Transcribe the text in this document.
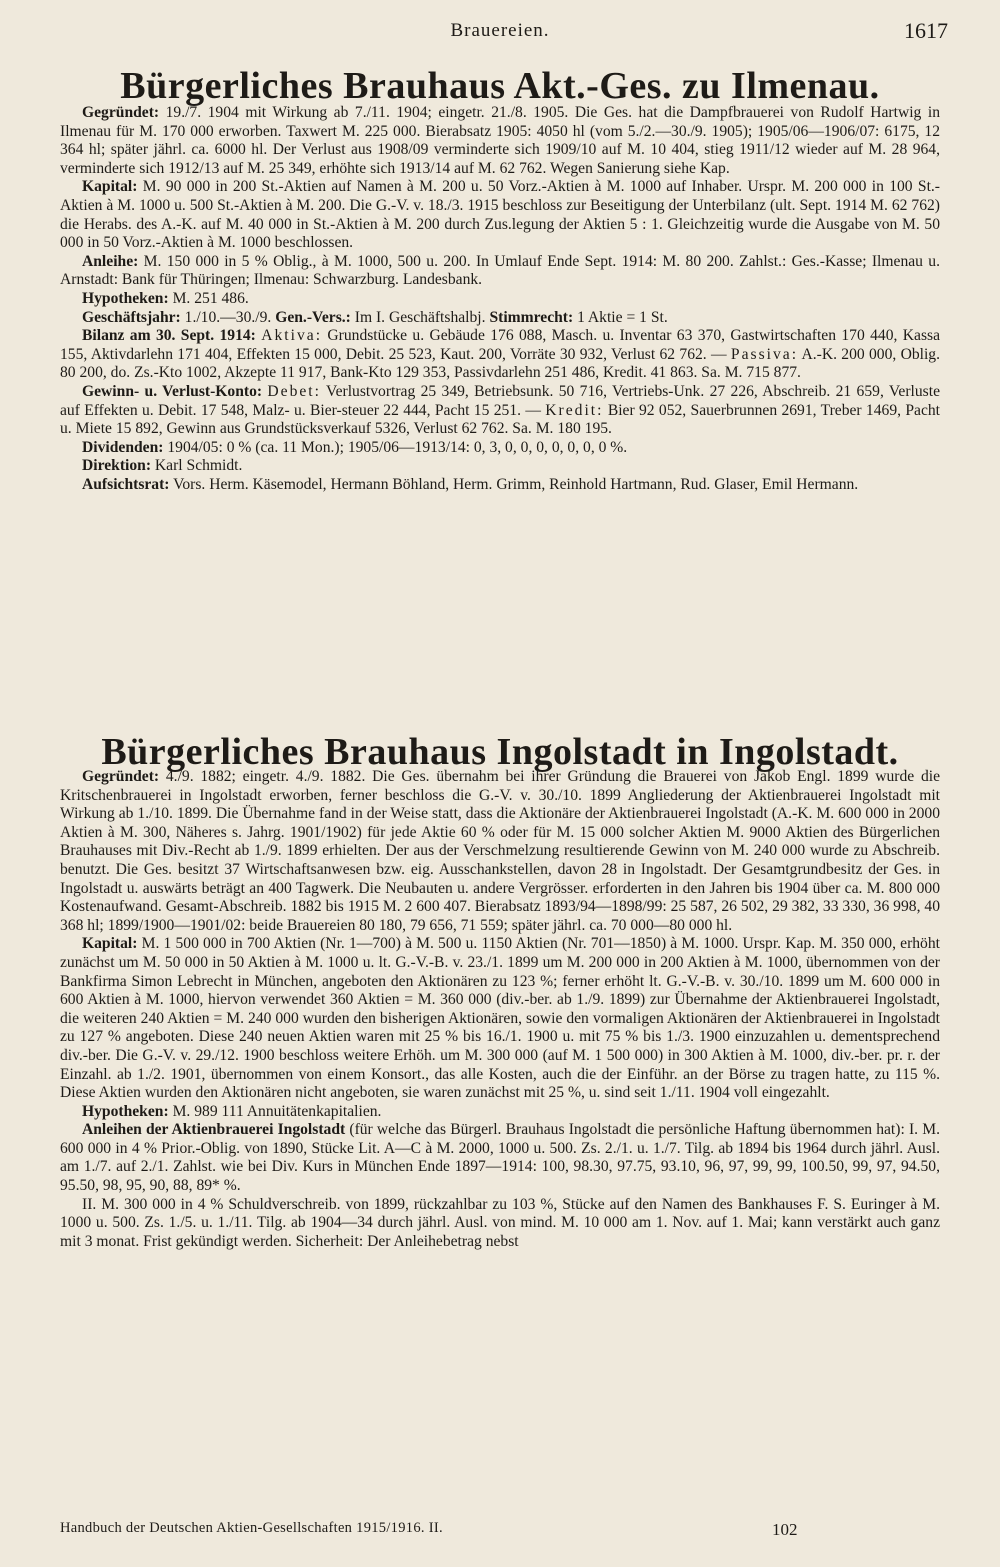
Brauereien.	1617
Bürgerliches Brauhaus Akt.-Ges. zu Ilmenau.

Gegründet: 19./7. 1904 mit Wirkung ab 7./11. 1904; eingetr. 21./8. 1905. Die Ges. hat die Dampfbrauerei von Rudolf Hartwig in Ilmenau für M. 170 000 erworben. Taxwert M. 225 000. Bierabsatz 1905: 4050 hl (vom 5./2.—30./9. 1905); 1905/06—1906/07: 6175, 12 364 hl; später jährl. ca. 6000 hl. Der Verlust aus 1908/09 verminderte sich 1909/10 auf M. 10 404, stieg 1911/12 wieder auf M. 28 964, verminderte sich 1912/13 auf M. 25 349, erhöhte sich 1913/14 auf M. 62 762. Wegen Sanierung siehe Kap.

Kapital: M. 90 000 in 200 St.-Aktien auf Namen à M. 200 u. 50 Vorz.-Aktien à M. 1000 auf Inhaber. Urspr. M. 200 000 in 100 St.-Aktien à M. 1000 u. 500 St.-Aktien à M. 200. Die G.-V. v. 18./3. 1915 beschloss zur Beseitigung der Unterbilanz (ult. Sept. 1914 M. 62 762) die Herabs. des A.-K. auf M. 40 000 in St.-Aktien à M. 200 durch Zus.legung der Aktien 5 : 1. Gleichzeitig wurde die Ausgabe von M. 50 000 in 50 Vorz.-Aktien à M. 1000 beschlossen.

Anleihe: M. 150 000 in 5 % Oblig., à M. 1000, 500 u. 200. In Umlauf Ende Sept. 1914: M. 80 200. Zahlst.: Ges.-Kasse; Ilmenau u. Arnstadt: Bank für Thüringen; Ilmenau: Schwarzburg. Landesbank.

Hypotheken: M. 251 486.

Geschäftsjahr: 1./10.—30./9. Gen.-Vers.: Im I. Geschäftshalbj. Stimmrecht: 1 Aktie = 1 St.

Bilanz am 30. Sept. 1914: Aktiva: Grundstücke u. Gebäude 176 088, Masch. u. Inventar 63 370, Gastwirtschaften 170 440, Kassa 155, Aktivdarlehn 171 404, Effekten 15 000, Debit. 25 523, Kaut. 200, Vorräte 30 932, Verlust 62 762. — Passiva: A.-K. 200 000, Oblig. 80 200, do. Zs.-Kto 1002, Akzepte 11 917, Bank-Kto 129 353, Passivdarlehn 251 486, Kredit. 41 863. Sa. M. 715 877.

Gewinn- u. Verlust-Konto: Debet: Verlustvortrag 25 349, Betriebsunk. 50 716, Vertriebs-Unk. 27 226, Abschreib. 21 659, Verluste auf Effekten u. Debit. 17 548, Malz- u. Bier-steuer 22 444, Pacht 15 251. — Kredit: Bier 92 052, Sauerbrunnen 2691, Treber 1469, Pacht u. Miete 15 892, Gewinn aus Grundstücksverkauf 5326, Verlust 62 762. Sa. M. 180 195.

Dividenden: 1904/05: 0 % (ca. 11 Mon.); 1905/06—1913/14: 0, 3, 0, 0, 0, 0, 0, 0, 0 %.

Direktion: Karl Schmidt.

Aufsichtsrat: Vors. Herm. Käsemodel, Hermann Böhland, Herm. Grimm, Reinhold Hartmann, Rud. Glaser, Emil Hermann.

Bürgerliches Brauhaus Ingolstadt in Ingolstadt.

Gegründet: 4./9. 1882; eingetr. 4./9. 1882. Die Ges. übernahm bei ihrer Gründung die Brauerei von Jakob Engl. 1899 wurde die Kritschenbrauerei in Ingolstadt erworben, ferner beschloss die G.-V. v. 30./10. 1899 Angliederung der Aktienbrauerei Ingolstadt mit Wirkung ab 1./10. 1899. Die Übernahme fand in der Weise statt, dass die Aktionäre der Aktienbrauerei Ingolstadt (A.-K. M. 600 000 in 2000 Aktien à M. 300, Näheres s. Jahrg. 1901/1902) für jede Aktie 60 % oder für M. 15 000 solcher Aktien M. 9000 Aktien des Bürgerlichen Brauhauses mit Div.-Recht ab 1./9. 1899 erhielten. Der aus der Verschmelzung resultierende Gewinn von M. 240 000 wurde zu Abschreib. benutzt. Die Ges. besitzt 37 Wirtschaftsanwesen bzw. eig. Ausschankstellen, davon 28 in Ingolstadt. Der Gesamtgrundbesitz der Ges. in Ingolstadt u. auswärts beträgt an 400 Tagwerk. Die Neubauten u. andere Vergrösser. erforderten in den Jahren bis 1904 über ca. M. 800 000 Kostenaufwand. Gesamt-Abschreib. 1882 bis 1915 M. 2 600 407. Bierabsatz 1893/94—1898/99: 25 587, 26 502, 29 382, 33 330, 36 998, 40 368 hl; 1899/1900—1901/02: beide Brauereien 80 180, 79 656, 71 559; später jährl. ca. 70 000—80 000 hl.

Kapital: M. 1 500 000 in 700 Aktien (Nr. 1—700) à M. 500 u. 1150 Aktien (Nr. 701—1850) à M. 1000. Urspr. Kap. M. 350 000, erhöht zunächst um M. 50 000 in 50 Aktien à M. 1000 u. lt. G.-V.-B. v. 23./1. 1899 um M. 200 000 in 200 Aktien à M. 1000, übernommen von der Bankfirma Simon Lebrecht in München, angeboten den Aktionären zu 123 %; ferner erhöht lt. G.-V.-B. v. 30./10. 1899 um M. 600 000 in 600 Aktien à M. 1000, hiervon verwendet 360 Aktien = M. 360 000 (div.-ber. ab 1./9. 1899) zur Übernahme der Aktienbrauerei Ingolstadt, die weiteren 240 Aktien = M. 240 000 wurden den bisherigen Aktionären, sowie den vormaligen Aktionären der Aktienbrauerei in Ingolstadt zu 127 % angeboten. Diese 240 neuen Aktien waren mit 25 % bis 16./1. 1900 u. mit 75 % bis 1./3. 1900 einzuzahlen u. dementsprechend div.-ber. Die G.-V. v. 29./12. 1900 beschloss weitere Erhöh. um M. 300 000 (auf M. 1 500 000) in 300 Aktien à M. 1000, div.-ber. pr. r. der Einzahl. ab 1./2. 1901, übernommen von einem Konsort., das alle Kosten, auch die der Einführ. an der Börse zu tragen hatte, zu 115 %. Diese Aktien wurden den Aktionären nicht angeboten, sie waren zunächst mit 25 %, u. sind seit 1./11. 1904 voll eingezahlt.

Hypotheken: M. 989 111 Annuitätenkapitalien.

Anleihen der Aktienbrauerei Ingolstadt (für welche das Bürgerl. Brauhaus Ingolstadt die persönliche Haftung übernommen hat): I. M. 600 000 in 4 % Prior.-Oblig. von 1890, Stücke Lit. A—C à M. 2000, 1000 u. 500. Zs. 2./1. u. 1./7. Tilg. ab 1894 bis 1964 durch jährl. Ausl. am 1./7. auf 2./1. Zahlst. wie bei Div. Kurs in München Ende 1897—1914: 100, 98.30, 97.75, 93.10, 96, 97, 99, 99, 100.50, 99, 97, 94.50, 95.50, 98, 95, 90, 88, 89* %.

II. M. 300 000 in 4 % Schuldverschreib. von 1899, rückzahlbar zu 103 %, Stücke auf den Namen des Bankhauses F. S. Euringer à M. 1000 u. 500. Zs. 1./5. u. 1./11. Tilg. ab 1904—34 durch jährl. Ausl. von mind. M. 10 000 am 1. Nov. auf 1. Mai; kann verstärkt auch ganz mit 3 monat. Frist gekündigt werden. Sicherheit: Der Anleihebetrag nebst

Handbuch der Deutschen Aktien-Gesellschaften 1915/1916. II.	102
